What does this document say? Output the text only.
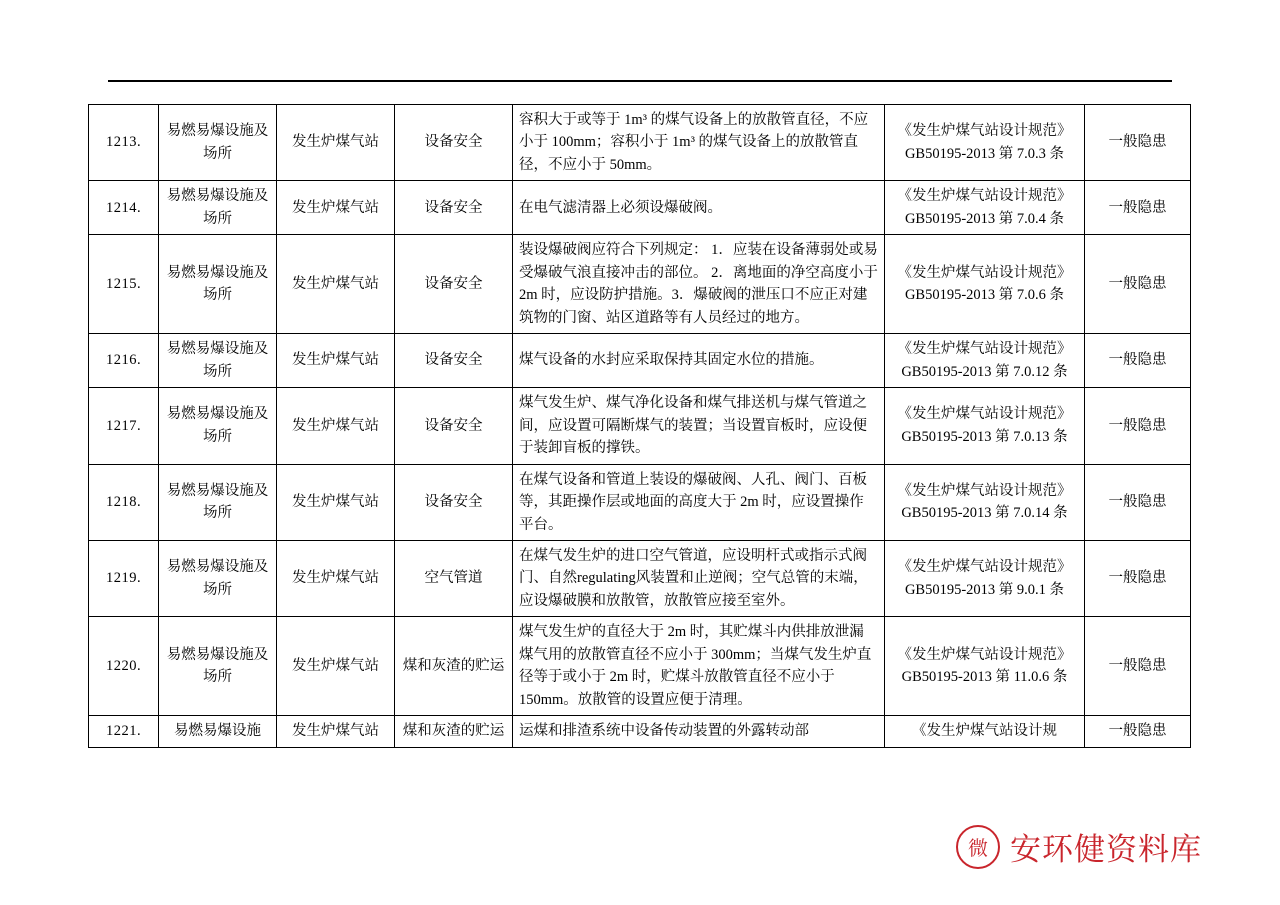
1213.	易燃易爆设施及场所	发生炉煤气站	设备安全	容积大于或等于 1m³ 的煤气设备上的放散管直径，不应小于 100mm；容积小于 1m³ 的煤气设备上的放散管直径，不应小于 50mm。	《发生炉煤气站设计规范》GB50195-2013 第 7.0.3 条	一般隐患
1214.	易燃易爆设施及场所	发生炉煤气站	设备安全	在电气滤清器上必须设爆破阀。	《发生炉煤气站设计规范》GB50195-2013 第 7.0.4 条	一般隐患
1215.	易燃易爆设施及场所	发生炉煤气站	设备安全	装设爆破阀应符合下列规定： 1．应装在设备薄弱处或易受爆破气浪直接冲击的部位。 2．离地面的净空高度小于 2m 时，应设防护措施。3．爆破阀的泄压口不应正对建筑物的门窗、站区道路等有人员经过的地方。	《发生炉煤气站设计规范》GB50195-2013 第 7.0.6 条	一般隐患
1216.	易燃易爆设施及场所	发生炉煤气站	设备安全	煤气设备的水封应采取保持其固定水位的措施。	《发生炉煤气站设计规范》GB50195-2013 第 7.0.12 条	一般隐患
1217.	易燃易爆设施及场所	发生炉煤气站	设备安全	煤气发生炉、煤气净化设备和煤气排送机与煤气管道之间，应设置可隔断煤气的装置；当设置盲板时，应设便于装卸盲板的撑铁。	《发生炉煤气站设计规范》GB50195-2013 第 7.0.13 条	一般隐患
1218.	易燃易爆设施及场所	发生炉煤气站	设备安全	在煤气设备和管道上装设的爆破阀、人孔、阀门、百板等，其距操作层或地面的高度大于 2m 时，应设置操作平台。	《发生炉煤气站设计规范》GB50195-2013 第 7.0.14 条	一般隐患
1219.	易燃易爆设施及场所	发生炉煤气站	空气管道	在煤气发生炉的进口空气管道，应设明杆式或指示式阀门、自然regulating风装置和止逆阀；空气总管的末端，应设爆破膜和放散管，放散管应接至室外。	《发生炉煤气站设计规范》GB50195-2013 第 9.0.1 条	一般隐患
1220.	易燃易爆设施及场所	发生炉煤气站	煤和灰渣的贮运	煤气发生炉的直径大于 2m 时，其贮煤斗内供排放泄漏煤气用的放散管直径不应小于 300mm；当煤气发生炉直径等于或小于 2m 时，贮煤斗放散管直径不应小于 150mm。放散管的设置应便于清理。	《发生炉煤气站设计规范》GB50195-2013 第 11.0.6 条	一般隐患
1221.	易燃易爆设施	发生炉煤气站	煤和灰渣的贮运	运煤和排渣系统中设备传动装置的外露转动部	《发生炉煤气站设计规	一般隐患
微 安环健资料库
